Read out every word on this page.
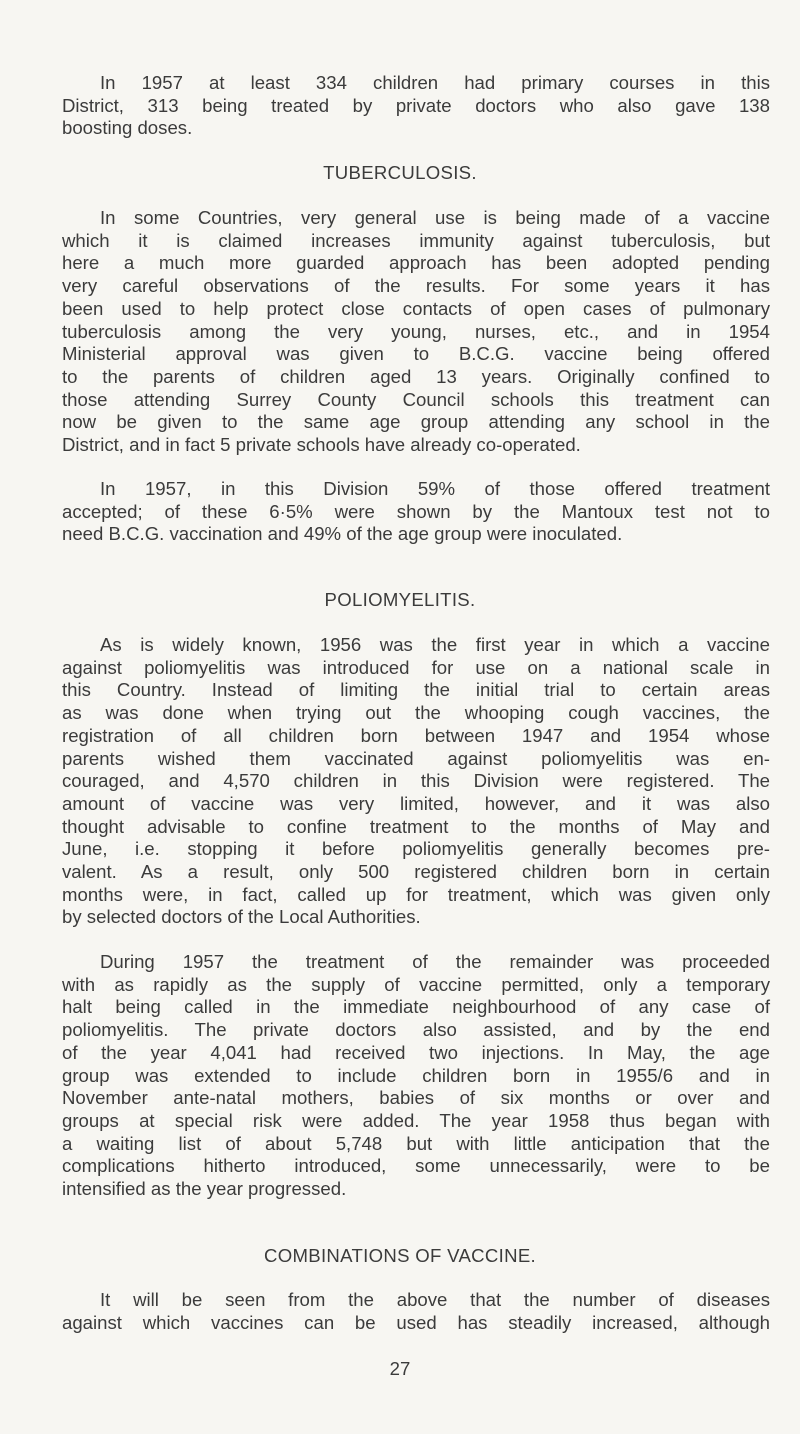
In 1957 at least 334 children had primary courses in this
District, 313 being treated by private doctors who also gave 138
boosting doses.
TUBERCULOSIS.
In some Countries, very general use is being made of a vaccine
which it is claimed increases immunity against tuberculosis, but
here a much more guarded approach has been adopted pending
very careful observations of the results. For some years it has
been used to help protect close contacts of open cases of pulmonary
tuberculosis among the very young, nurses, etc., and in 1954
Ministerial approval was given to B.C.G. vaccine being offered
to the parents of children aged 13 years. Originally confined to
those attending Surrey County Council schools this treatment can
now be given to the same age group attending any school in the
District, and in fact 5 private schools have already co-operated.
In 1957, in this Division 59% of those offered treatment
accepted; of these 6·5% were shown by the Mantoux test not to
need B.C.G. vaccination and 49% of the age group were inoculated.
POLIOMYELITIS.
As is widely known, 1956 was the first year in which a vaccine
against poliomyelitis was introduced for use on a national scale in
this Country. Instead of limiting the initial trial to certain areas
as was done when trying out the whooping cough vaccines, the
registration of all children born between 1947 and 1954 whose
parents wished them vaccinated against poliomyelitis was en-
couraged, and 4,570 children in this Division were registered. The
amount of vaccine was very limited, however, and it was also
thought advisable to confine treatment to the months of May and
June, i.e. stopping it before poliomyelitis generally becomes pre-
valent. As a result, only 500 registered children born in certain
months were, in fact, called up for treatment, which was given only
by selected doctors of the Local Authorities.
During 1957 the treatment of the remainder was proceeded
with as rapidly as the supply of vaccine permitted, only a temporary
halt being called in the immediate neighbourhood of any case of
poliomyelitis. The private doctors also assisted, and by the end
of the year 4,041 had received two injections. In May, the age
group was extended to include children born in 1955/6 and in
November ante-natal mothers, babies of six months or over and
groups at special risk were added. The year 1958 thus began with
a waiting list of about 5,748 but with little anticipation that the
complications hitherto introduced, some unnecessarily, were to be
intensified as the year progressed.
COMBINATIONS OF VACCINE.
It will be seen from the above that the number of diseases
against which vaccines can be used has steadily increased, although
27
